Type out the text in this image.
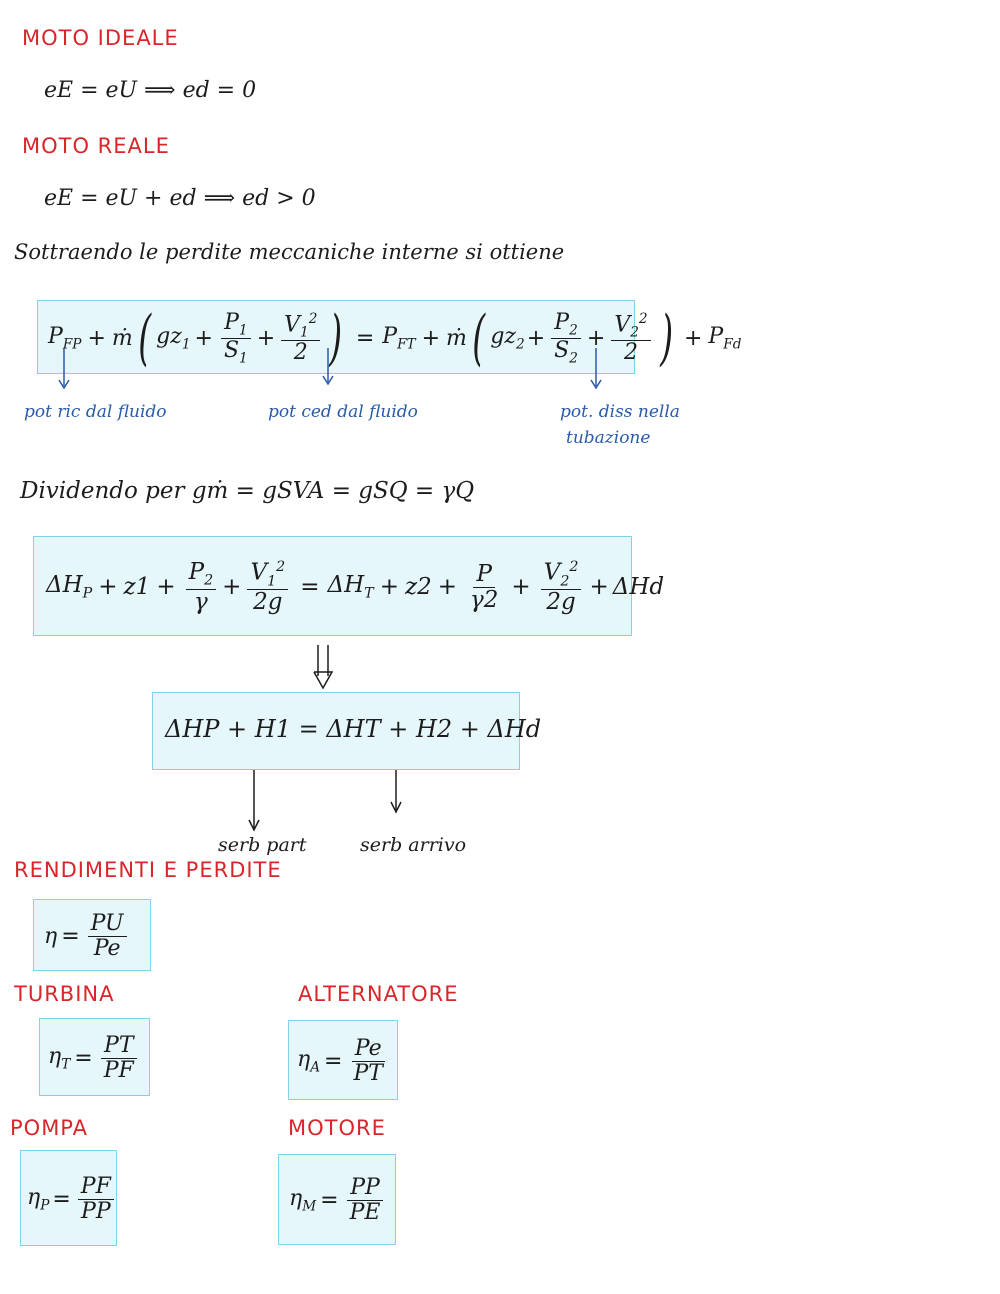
MOTO IDEALE
eE = eU ⟹ ed = 0
MOTO REALE
eE = eU + ed ⟹ ed > 0
Sottraendo le perdite meccaniche interne si ottiene
$P_{FP}$ + ṁ ( $gz_1 + \frac{P_1}{S_1} + \frac{V_1^2}{2}$ ) = $P_{FT}$ + ṁ ( $gz_2 + \frac{P_2}{S_2} + \frac{V_2^2}{2}$ ) + $P_{Fd}$
pot ric dal fluido	pot ced dal fluido	pot. diss nella
tubazione
Dividendo per gṁ = gSVA = gSQ = γQ
$\Delta H_P + z1 + \frac{P_2}{\gamma} + \frac{V_1^2}{2g} = \Delta H_T + z2 + \frac{P}{\gamma 2} + \frac{V_2^2}{2g} + \Delta Hd$
ΔHP + H1 = ΔHT + H2 + ΔHd
serb part	serb arrivo
RENDIMENTI E PERDITE
$\eta = \frac{PU}{Pe}$
TURBINA	ALTERNATORE
$\eta_T = \frac{PT}{PF}$	$\eta_A = \frac{Pe}{PT}$
POMPA	MOTORE
$\eta_P = \frac{PF}{PP}$	$\eta_M = \frac{PP}{PE}$
